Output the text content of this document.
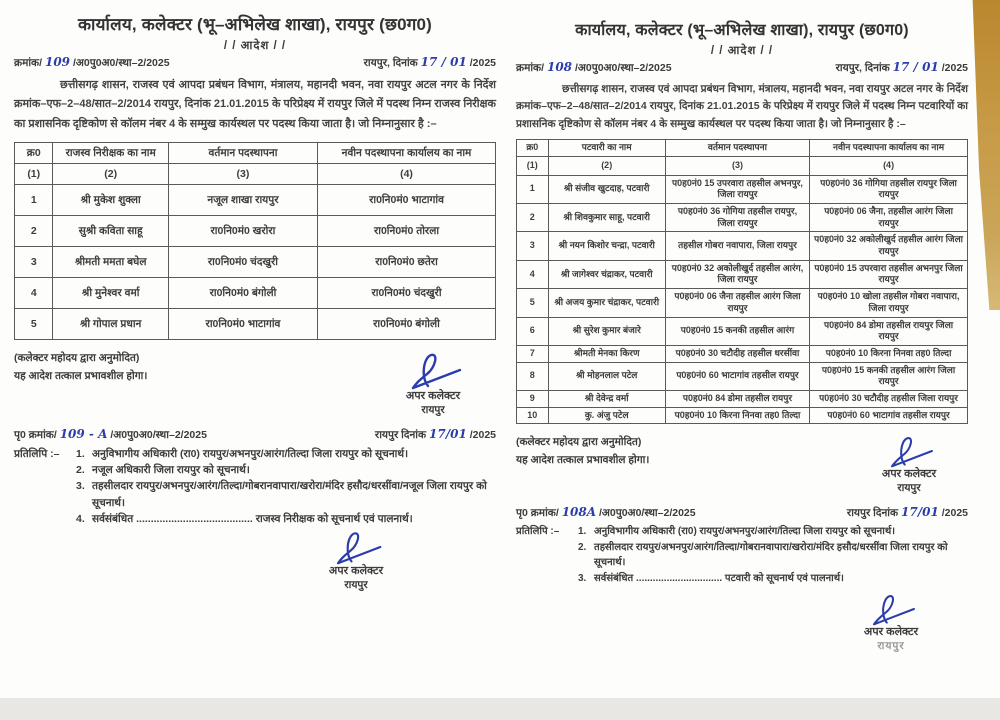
कार्यालय, कलेक्टर (भू–अभिलेख शाखा), रायपुर (छ0ग0)
/ / आदेश / /
क्रमांक/ 109 /अ0पु0अ0/स्था–2/2025	रायपुर, दिनांक 17 / 01 /2025
छत्तीसगढ़ शासन, राजस्व एवं आपदा प्रबंधन विभाग, मंत्रालय, महानदी भवन, नवा रायपुर अटल नगर के निर्देश क्रमांक–एफ–2–48/सात–2/2014 रायपुर, दिनांक 21.01.2015 के परिप्रेक्ष्य में रायपुर जिले में पदस्थ निम्न राजस्व निरीक्षक का प्रशासनिक दृष्टिकोण से कॉलम नंबर 4 के सम्मुख कार्यस्थल पर पदस्थ किया जाता है। जो निम्नानुसार है :–
क्र0	राजस्व निरीक्षक का नाम	वर्तमान पदस्थापना	नवीन पदस्थापना कार्यालय का नाम
(1)	(2)	(3)	(4)
1	श्री मुकेश शुक्ला	नजूल शाखा रायपुर	रा0नि0मं0 भाटागांव
2	सुश्री कविता साहू	रा0नि0मं0 खरोरा	रा0नि0मं0 तोरला
3	श्रीमती ममता बघेल	रा0नि0मं0 चंदखुरी	रा0नि0मं0 छतेरा
4	श्री मुनेश्वर वर्मा	रा0नि0मं0 बंगोली	रा0नि0मं0 चंदखुरी
5	श्री गोपाल प्रधान	रा0नि0मं0 भाटागांव	रा0नि0मं0 बंगोली
(कलेक्टर महोदय द्वारा अनुमोदित)
यह आदेश तत्काल प्रभावशील होगा।
अपर कलेक्टर
रायपुर
पृ0 क्रमांक/ 109 - A /अ0पु0अ0/स्था–2/2025	रायपुर दिनांक 17/01 /2025
प्रतिलिपि :–	1. अनुविभागीय अधिकारी (रा0) रायपुर/अभनपुर/आरंग/तिल्दा जिला रायपुर को सूचनार्थ।
2. नजूल अधिकारी जिला रायपुर को सूचनार्थ।
3. तहसीलदार रायपुर/अभनपुर/आरंग/तिल्दा/गोबरानवापारा/खरोरा/मंदिर हसौद/धरसींवा/नजूल जिला रायपुर को सूचनार्थ।
4. सर्वसंबंधित ........................................ राजस्व निरीक्षक को सूचनार्थ एवं पालनार्थ।
अपर कलेक्टर
रायपुर
कार्यालय, कलेक्टर (भू–अभिलेख शाखा), रायपुर (छ0ग0)
/ / आदेश / /
क्रमांक/ 108 /अ0पु0अ0/स्था–2/2025	रायपुर, दिनांक 17 / 01 /2025
छत्तीसगढ़ शासन, राजस्व एवं आपदा प्रबंधन विभाग, मंत्रालय, महानदी भवन, नवा रायपुर अटल नगर के निर्देश क्रमांक–एफ–2–48/सात–2/2014 रायपुर, दिनांक 21.01.2015 के परिप्रेक्ष्य में रायपुर जिले में पदस्थ निम्न पटवारियों का प्रशासनिक दृष्टिकोण से कॉलम नंबर 4 के सम्मुख कार्यस्थल पर पदस्थ किया जाता है। जो निम्नानुसार है :–
क्र0	पटवारी का नाम	वर्तमान पदस्थापना	नवीन पदस्थापना कार्यालय का नाम
(1)	(2)	(3)	(4)
1	श्री संजीव खुटदाह, पटवारी	प0ह0नं0 15 उपरवारा तहसील अभनपुर, जिला रायपुर	प0ह0नं0 36 गोगिया तहसील रायपुर जिला रायपुर
2	श्री शिवकुमार साहू, पटवारी	प0ह0नं0 36 गोगिया तहसील रायपुर, जिला रायपुर	प0ह0नं0 06 जैना, तहसील आरंग जिला रायपुर
3	श्री नयन किशोर चन्द्रा, पटवारी	तहसील गोबरा नवापारा, जिला रायपुर	प0ह0नं0 32 अकोलीखुर्द तहसील आरंग जिला रायपुर
4	श्री जागेश्वर चंद्राकर, पटवारी	प0ह0नं0 32 अकोलीखुर्द तहसील आरंग, जिला रायपुर	प0ह0नं0 15 उपरवारा तहसील अभनपुर जिला रायपुर
5	श्री अजय कुमार चंद्राकर, पटवारी	प0ह0नं0 06 जैना तहसील आरंग जिला रायपुर	प0ह0नं0 10 खोला तहसील गोबरा नवापारा, जिला रायपुर
6	श्री सुरेश कुमार बंजारे	प0ह0नं0 15 कनकी तहसील आरंग	प0ह0नं0 84 डोमा तहसील रायपुर जिला रायपुर
7	श्रीमती मेनका किरण	प0ह0नं0 30 चटौदीह तहसील धरसींवा	प0ह0नं0 10 किरना निनवा तह0 तिल्दा
8	श्री मोहनलाल पटेल	प0ह0नं0 60 भाटागांव तहसील रायपुर	प0ह0नं0 15 कनकी तहसील आरंग जिला रायपुर
9	श्री देवेन्द्र वर्मा	प0ह0नं0 84 डोमा तहसील रायपुर	प0ह0नं0 30 चटौदीह तहसील जिला रायपुर
10	कु. अंजु पटेल	प0ह0नं0 10 किरना निनवा तह0 तिल्दा	प0ह0नं0 60 भाटागांव तहसील रायपुर
(कलेक्टर महोदय द्वारा अनुमोदित)
यह आदेश तत्काल प्रभावशील होगा।
अपर कलेक्टर
रायपुर
पृ0 क्रमांक/ 108A /अ0पु0अ0/स्था–2/2025	रायपुर दिनांक 17/01 /2025
प्रतिलिपि :–	1. अनुविभागीय अधिकारी (रा0) रायपुर/अभनपुर/आरंग/तिल्दा जिला रायपुर को सूचनार्थ।
2. तहसीलदार रायपुर/अभनपुर/आरंग/तिल्दा/गोबरानवापारा/खरोरा/मंदिर हसौद/धरसींवा जिला रायपुर को सूचनार्थ।
3. सर्वसंबंधित ............................... पटवारी को सूचनार्थ एवं पालनार्थ।
अपर कलेक्टर
रायपुर
